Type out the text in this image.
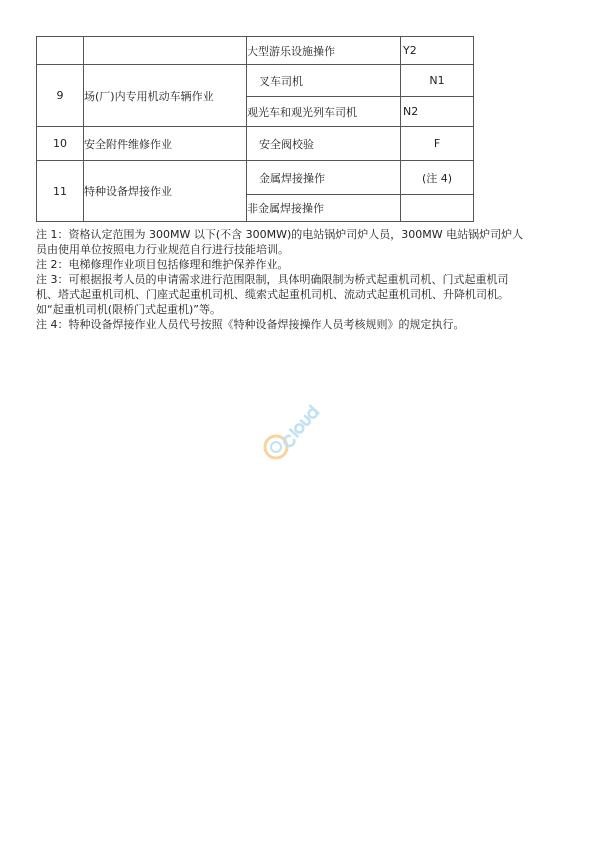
		大型游乐设施操作	Y2
9	场(厂)内专用机动车辆作业	叉车司机	N1
		观光车和观光列车司机	N2
10	安全附件维修作业	安全阀校验	F
11	特种设备焊接作业	金属焊接操作	(注 4)
		非金属焊接操作	

注 1：资格认定范围为 300MW 以下(不含 300MW)的电站锅炉司炉人员，300MW 电站锅炉司炉人

员由使用单位按照电力行业规范自行进行技能培训。

注 2：电梯修理作业项目包括修理和维护保养作业。

注 3：可根据报考人员的申请需求进行范围限制，具体明确限制为桥式起重机司机、门式起重机司

机、塔式起重机司机、门座式起重机司机、缆索式起重机司机、流动式起重机司机、升降机司机。

如“起重机司机(限桥门式起重机)”等。

注 4：特种设备焊接作业人员代号按照《特种设备焊接操作人员考核规则》的规定执行。
